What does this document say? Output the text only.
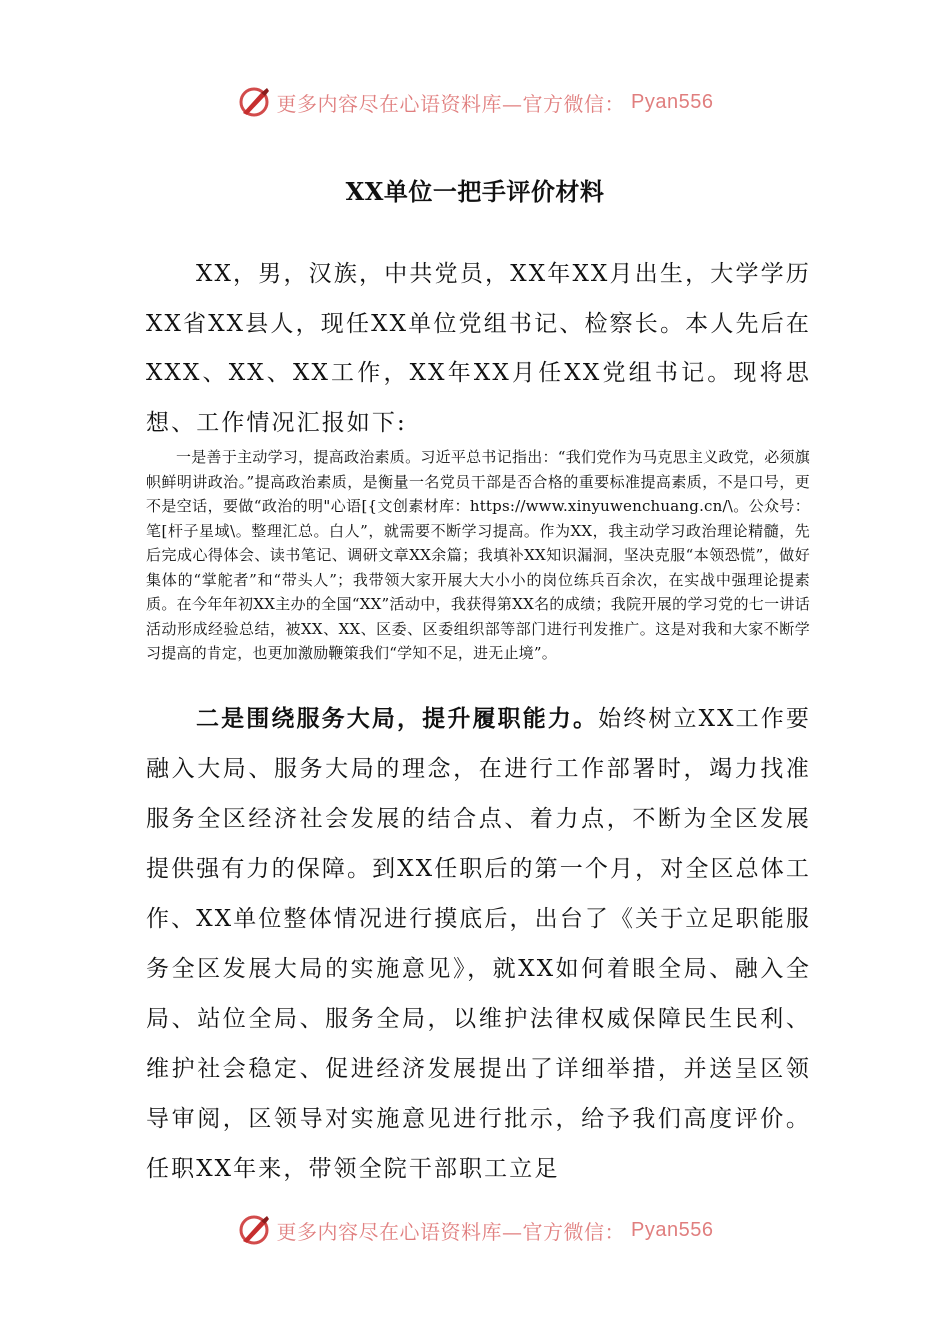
更多内容尽在心语资料库—官方微信： Pyan556
XX单位一把手评价材料

XX，男，汉族，中共党员，XX年XX月出生，大学学历XX省XX县人，现任XX单位党组书记、检察长。本人先后在XXX、XX、XX工作，XX年XX月任XX党组书记。现将思想、工作情况汇报如下:

一是善于主动学习，提高政治素质。习近平总书记指出：“我们党作为马克思主义政党，必须旗帜鲜明讲政治。”提高政治素质，是衡量一名党员干部是否合格的重要标准提高素质，不是口号，更不是空话，要做“政治的明"心语[{文创素材库：https://www.xinyuwenchuang.cn/\。公众号：笔[杆子星域\。整理汇总。白人”，就需要不断学习提高。作为XX，我主动学习政治理论精髓，先后完成心得体会、读书笔记、调研文章XX余篇；我填补XX知识漏洞，坚决克服“本领恐慌”，做好集体的“掌舵者”和“带头人”；我带领大家开展大大小小的岗位练兵百余次，在实战中强理论提素质。在今年年初XX主办的全国“XX”活动中，我获得第XX名的成绩；我院开展的学习党的七一讲话活动形成经验总结，被XX、XX、区委、区委组织部等部门进行刊发推广。这是对我和大家不断学习提高的肯定，也更加激励鞭策我们“学知不足，进无止境”。

二是围绕服务大局，提升履职能力。始终树立XX工作要融入大局、服务大局的理念，在进行工作部署时，竭力找准服务全区经济社会发展的结合点、着力点，不断为全区发展提供强有力的保障。到XX任职后的第一个月，对全区总体工作、XX单位整体情况进行摸底后，出台了《关于立足职能服务全区发展大局的实施意见》，就XX如何着眼全局、融入全局、站位全局、服务全局，以维护法律权威保障民生民利、维护社会稳定、促进经济发展提出了详细举措，并送呈区领导审阅，区领导对实施意见进行批示，给予我们高度评价。任职XX年来，带领全院干部职工立足

更多内容尽在心语资料库—官方微信： Pyan556
